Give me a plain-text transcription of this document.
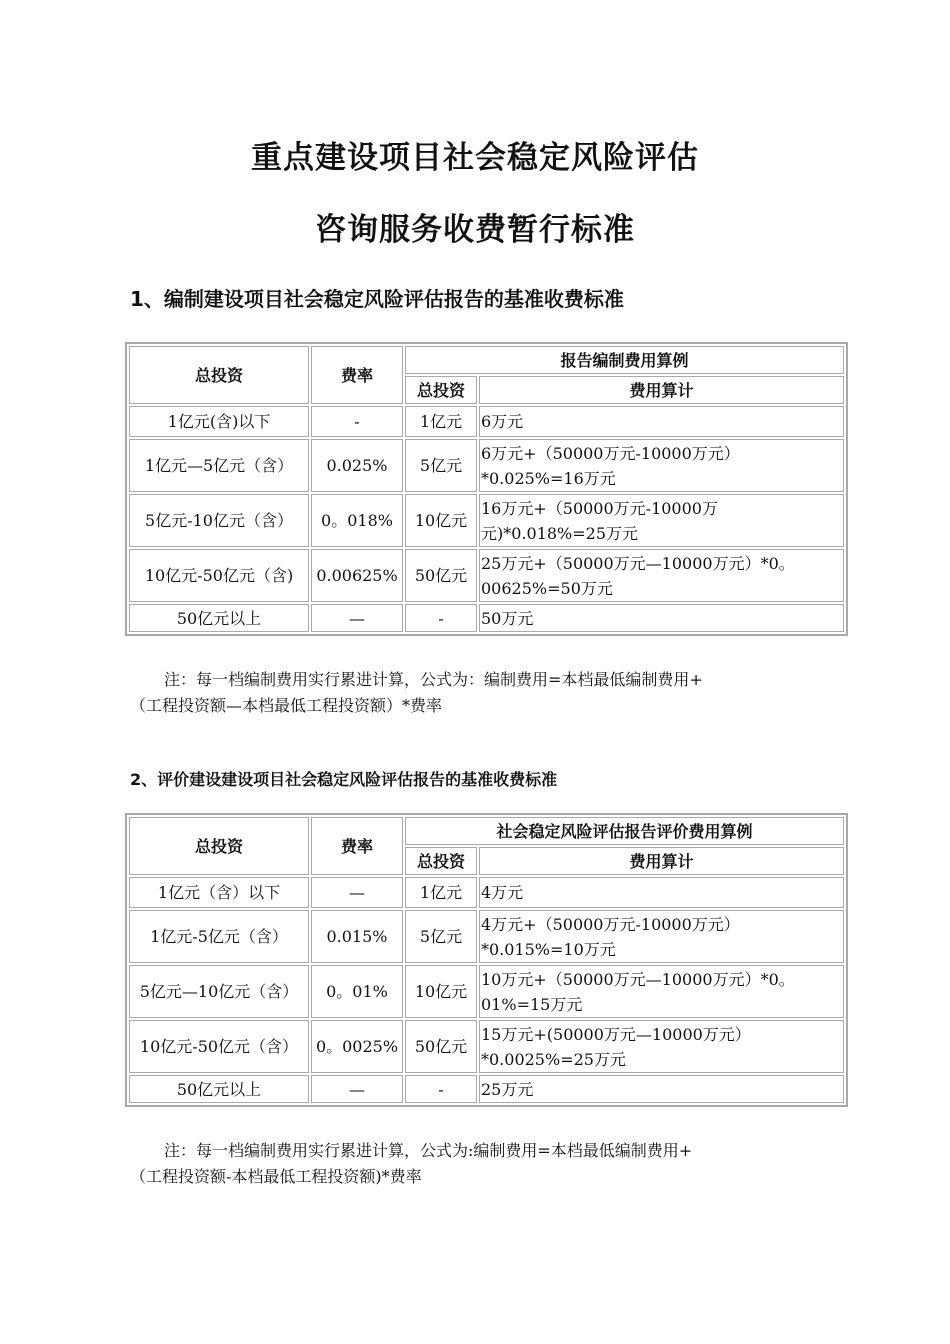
重点建设项目社会稳定风险评估
咨询服务收费暂行标准
1、编制建设项目社会稳定风险评估报告的基准收费标准
总投资	费率	报告编制费用算例	
		总投资	费用算计
1亿元(含)以下	-	1亿元	6万元
1亿元—5亿元（含）	0.025%	5亿元	6万元+（50000万元-10000万元）*0.025%=16万元
5亿元-10亿元（含）	0。018%	10亿元	16万元+（50000万元-10000万元)*0.018%=25万元
10亿元-50亿元（含)	0.00625%	50亿元	25万元+（50000万元—10000万元）*0。00625%=50万元
50亿元以上	—	-	50万元
注：每一档编制费用实行累进计算，公式为：编制费用=本档最低编制费用+
（工程投资额—本档最低工程投资额）*费率
2、评价建设建设项目社会稳定风险评估报告的基准收费标准
总投资	费率	社会稳定风险评估报告评价费用算例	
		总投资	费用算计
1亿元（含）以下	—	1亿元	4万元
1亿元-5亿元（含）	0.015%	5亿元	4万元+（50000万元-10000万元）*0.015%=10万元
5亿元—10亿元（含）	0。01%	10亿元	10万元+（50000万元—10000万元）*0。01%=15万元
10亿元-50亿元（含）	0。0025%	50亿元	15万元+(50000万元—10000万元）*0.0025%=25万元
50亿元以上	—	-	25万元
注：每一档编制费用实行累进计算，公式为:编制费用=本档最低编制费用+
（工程投资额-本档最低工程投资额)*费率
